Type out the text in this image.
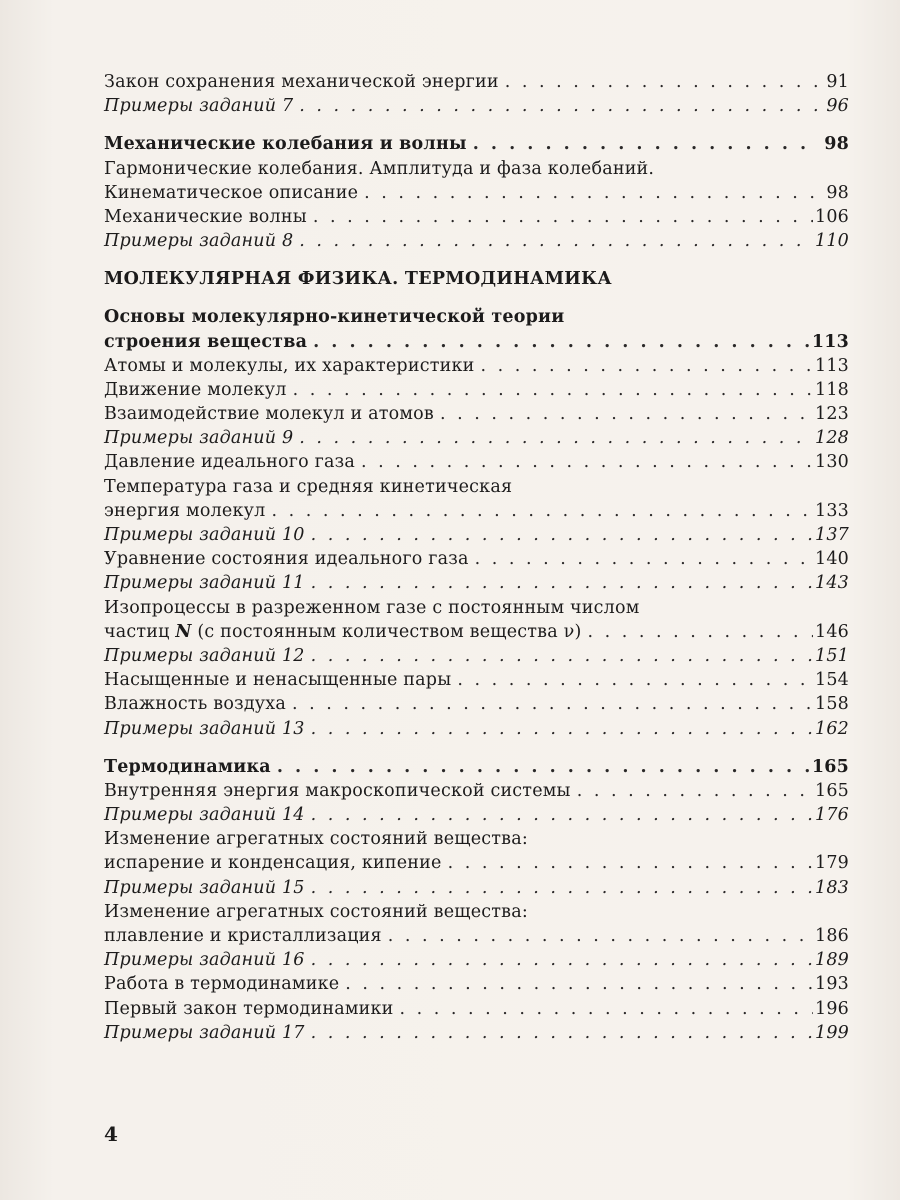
Закон сохранения механической энергии . . .	91
Примеры заданий 7 . . .	96
Механические колебания и волны . . .	98
Гармонические колебания. Амплитуда и фаза колебаний.
Кинематическое описание . . .	98
Механические волны . . .	106
Примеры заданий 8 . . .	110
МОЛЕКУЛЯРНАЯ ФИЗИКА. ТЕРМОДИНАМИКА
Основы молекулярно-кинетической теории
строения вещества . . .	113
Атомы и молекулы, их характеристики . . .	113
Движение молекул . . .	118
Взаимодействие молекул и атомов . . .	123
Примеры заданий 9 . . .	128
Давление идеального газа . . .	130
Температура газа и средняя кинетическая
энергия молекул . . .	133
Примеры заданий 10 . . .	137
Уравнение состояния идеального газа . . .	140
Примеры заданий 11 . . .	143
Изопроцессы в разреженном газе с постоянным числом
частиц N (с постоянным количеством вещества ν) . . .	146
Примеры заданий 12 . . .	151
Насыщенные и ненасыщенные пары . . .	154
Влажность воздуха . . .	158
Примеры заданий 13 . . .	162
Термодинамика . . .	165
Внутренняя энергия макроскопической системы . . .	165
Примеры заданий 14 . . .	176
Изменение агрегатных состояний вещества:
испарение и конденсация, кипение . . .	179
Примеры заданий 15 . . .	183
Изменение агрегатных состояний вещества:
плавление и кристаллизация . . .	186
Примеры заданий 16 . . .	189
Работа в термодинамике . . .	193
Первый закон термодинамики . . .	196
Примеры заданий 17 . . .	199
4
